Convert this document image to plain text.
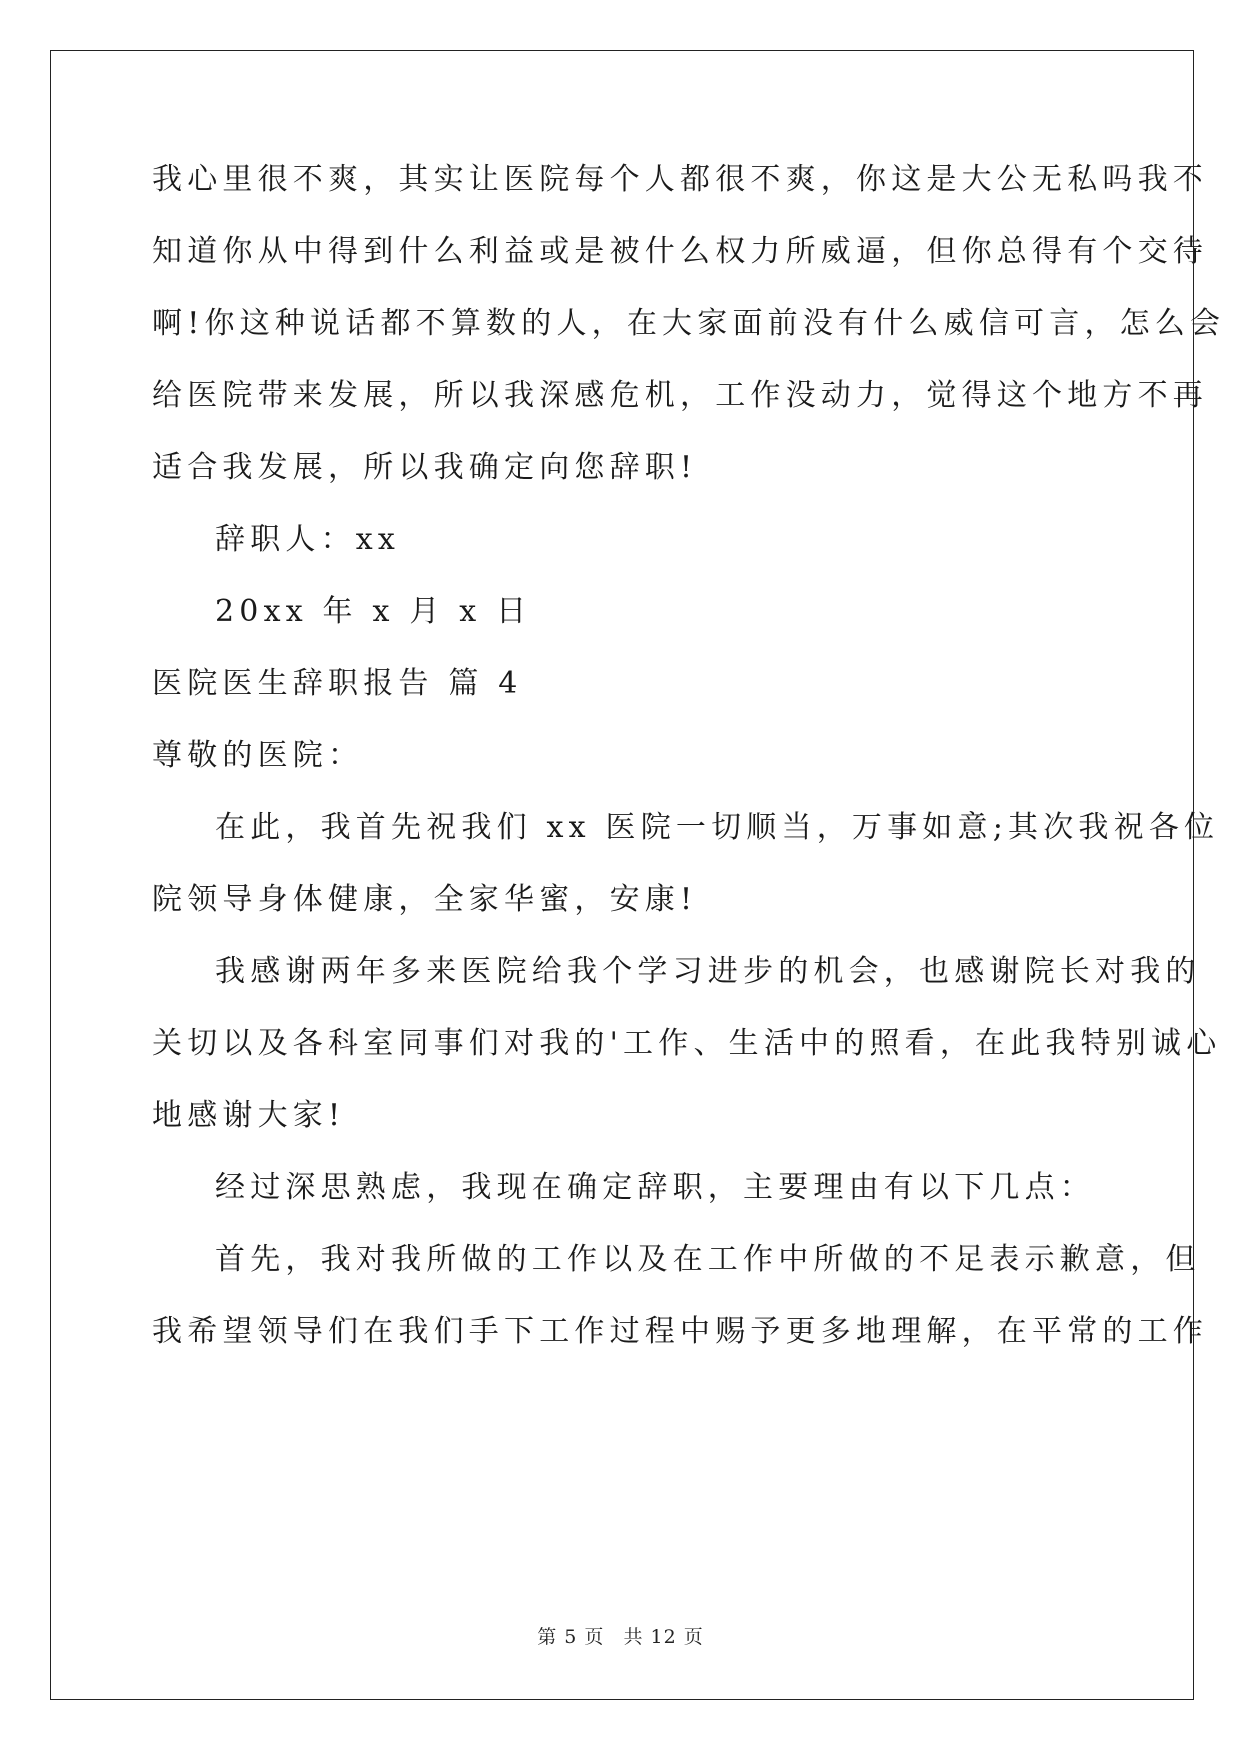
我心里很不爽，其实让医院每个人都很不爽，你这是大公无私吗我不
知道你从中得到什么利益或是被什么权力所威逼，但你总得有个交待
啊!你这种说话都不算数的人，在大家面前没有什么威信可言，怎么会
给医院带来发展，所以我深感危机，工作没动力，觉得这个地方不再
适合我发展，所以我确定向您辞职!
辞职人：xx
20xx 年 x 月 x 日
医院医生辞职报告 篇 4
尊敬的医院：
在此，我首先祝我们 xx 医院一切顺当，万事如意;其次我祝各位
院领导身体健康，全家华蜜，安康!
我感谢两年多来医院给我个学习进步的机会，也感谢院长对我的
关切以及各科室同事们对我的'工作、生活中的照看，在此我特别诚心
地感谢大家!
经过深思熟虑，我现在确定辞职，主要理由有以下几点：
首先，我对我所做的工作以及在工作中所做的不足表示歉意，但
我希望领导们在我们手下工作过程中赐予更多地理解，在平常的工作
第 5 页 共 12 页
